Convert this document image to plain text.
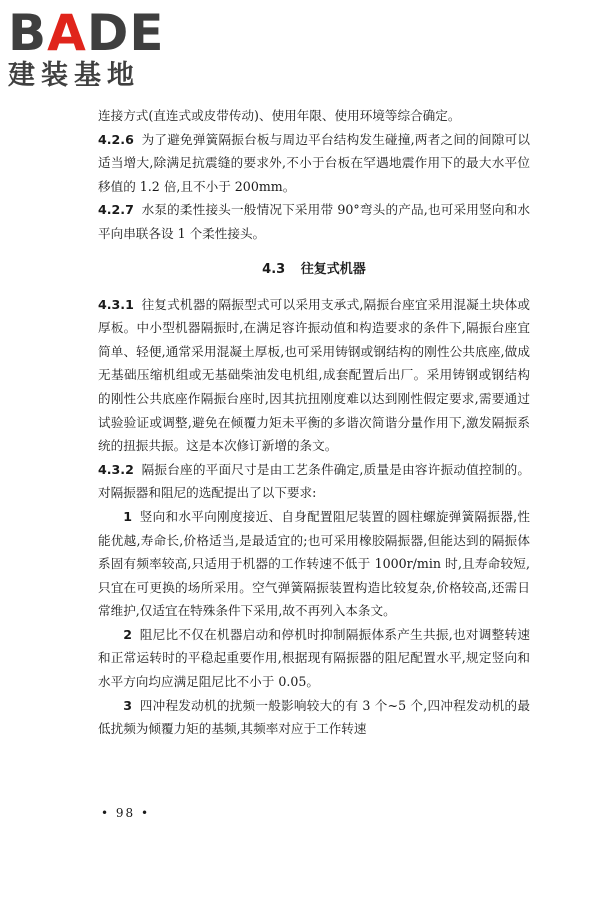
BADE
建装基地

连接方式(直连式或皮带传动)、使用年限、使用环境等综合确定。

4.2.6 为了避免弹簧隔振台板与周边平台结构发生碰撞,两者之间的间隙可以适当增大,除满足抗震缝的要求外,不小于台板在罕遇地震作用下的最大水平位移值的 1.2 倍,且不小于 200mm。

4.2.7 水泵的柔性接头一般情况下采用带 90°弯头的产品,也可采用竖向和水平向串联各设 1 个柔性接头。

4.3 往复式机器

4.3.1 往复式机器的隔振型式可以采用支承式,隔振台座宜采用混凝土块体或厚板。中小型机器隔振时,在满足容许振动值和构造要求的条件下,隔振台座宜简单、轻便,通常采用混凝土厚板,也可采用铸钢或钢结构的刚性公共底座,做成无基础压缩机组或无基础柴油发电机组,成套配置后出厂。采用铸钢或钢结构的刚性公共底座作隔振台座时,因其抗扭刚度难以达到刚性假定要求,需要通过试验验证或调整,避免在倾覆力矩未平衡的多谐次简谐分量作用下,激发隔振系统的扭振共振。这是本次修订新增的条文。

4.3.2 隔振台座的平面尺寸是由工艺条件确定,质量是由容许振动值控制的。对隔振器和阻尼的选配提出了以下要求:

1 竖向和水平向刚度接近、自身配置阻尼装置的圆柱螺旋弹簧隔振器,性能优越,寿命长,价格适当,是最适宜的;也可采用橡胶隔振器,但能达到的隔振体系固有频率较高,只适用于机器的工作转速不低于 1000r/min 时,且寿命较短,只宜在可更换的场所采用。空气弹簧隔振装置构造比较复杂,价格较高,还需日常维护,仅适宜在特殊条件下采用,故不再列入本条文。

2 阻尼比不仅在机器启动和停机时抑制隔振体系产生共振,也对调整转速和正常运转时的平稳起重要作用,根据现有隔振器的阻尼配置水平,规定竖向和水平方向均应满足阻尼比不小于 0.05。

3 四冲程发动机的扰频一般影响较大的有 3 个~5 个,四冲程发动机的最低扰频为倾覆力矩的基频,其频率对应于工作转速

• 98 •
